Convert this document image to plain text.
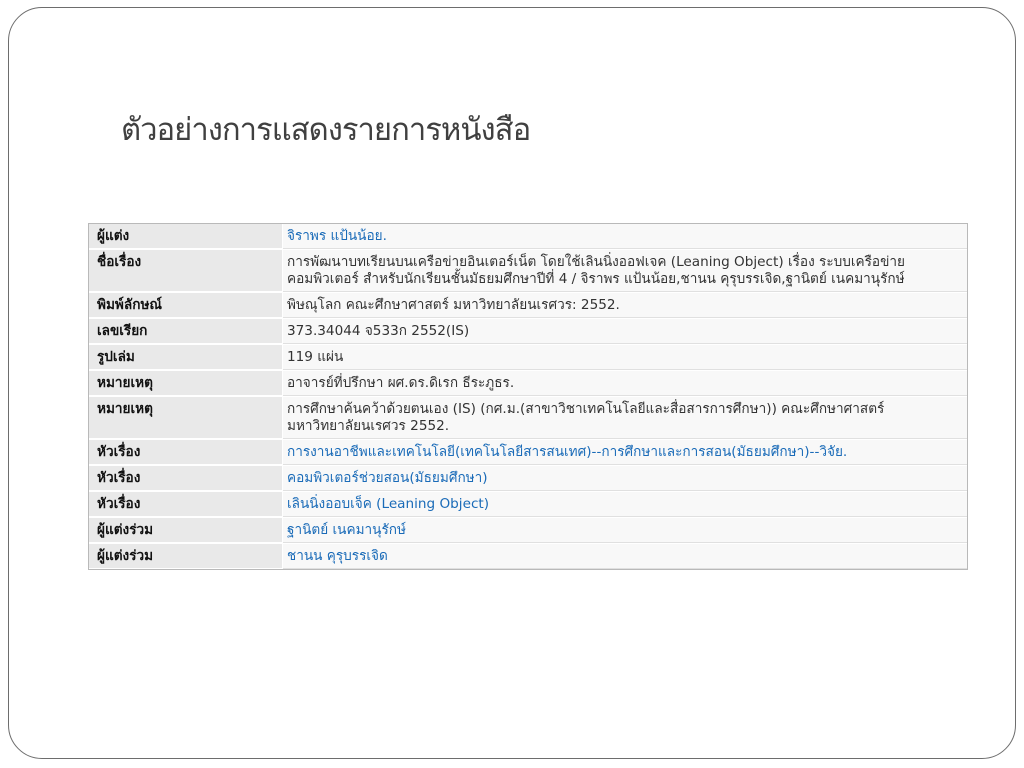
ตัวอย่างการแสดงรายการหนังสือ
ผู้แต่ง	จิราพร แป้นน้อย.
ชื่อเรื่อง	การพัฒนาบทเรียนบนเครือข่ายอินเตอร์เน็ต โดยใช้เลินนิ่งออฟเจค (Leaning Object) เรื่อง ระบบเครือข่ายคอมพิวเตอร์ สำหรับนักเรียนชั้นมัธยมศึกษาปีที่ 4 / จิราพร แป้นน้อย,ชานน คุรุบรรเจิด,ฐานิตย์ เนคมานุรักษ์
พิมพ์ลักษณ์	พิษณุโลก คณะศึกษาศาสตร์ มหาวิทยาลัยนเรศวร: 2552.
เลขเรียก	373.34044 จ533ก 2552(IS)
รูปเล่ม	119 แผ่น
หมายเหตุ	อาจารย์ที่ปรึกษา ผศ.ดร.ดิเรก ธีระภูธร.
หมายเหตุ	การศึกษาค้นคว้าด้วยตนเอง (IS) (กศ.ม.(สาขาวิชาเทคโนโลยีและสื่อสารการศึกษา)) คณะศึกษาศาสตร์ มหาวิทยาลัยนเรศวร 2552.
หัวเรื่อง	การงานอาชีพและเทคโนโลยี(เทคโนโลยีสารสนเทศ)--การศึกษาและการสอน(มัธยมศึกษา)--วิจัย.
หัวเรื่อง	คอมพิวเตอร์ช่วยสอน(มัธยมศึกษา)
หัวเรื่อง	เลินนิ่งออบเจ็ค (Leaning Object)
ผู้แต่งร่วม	ฐานิตย์ เนคมานุรักษ์
ผู้แต่งร่วม	ชานน คุรุบรรเจิด
